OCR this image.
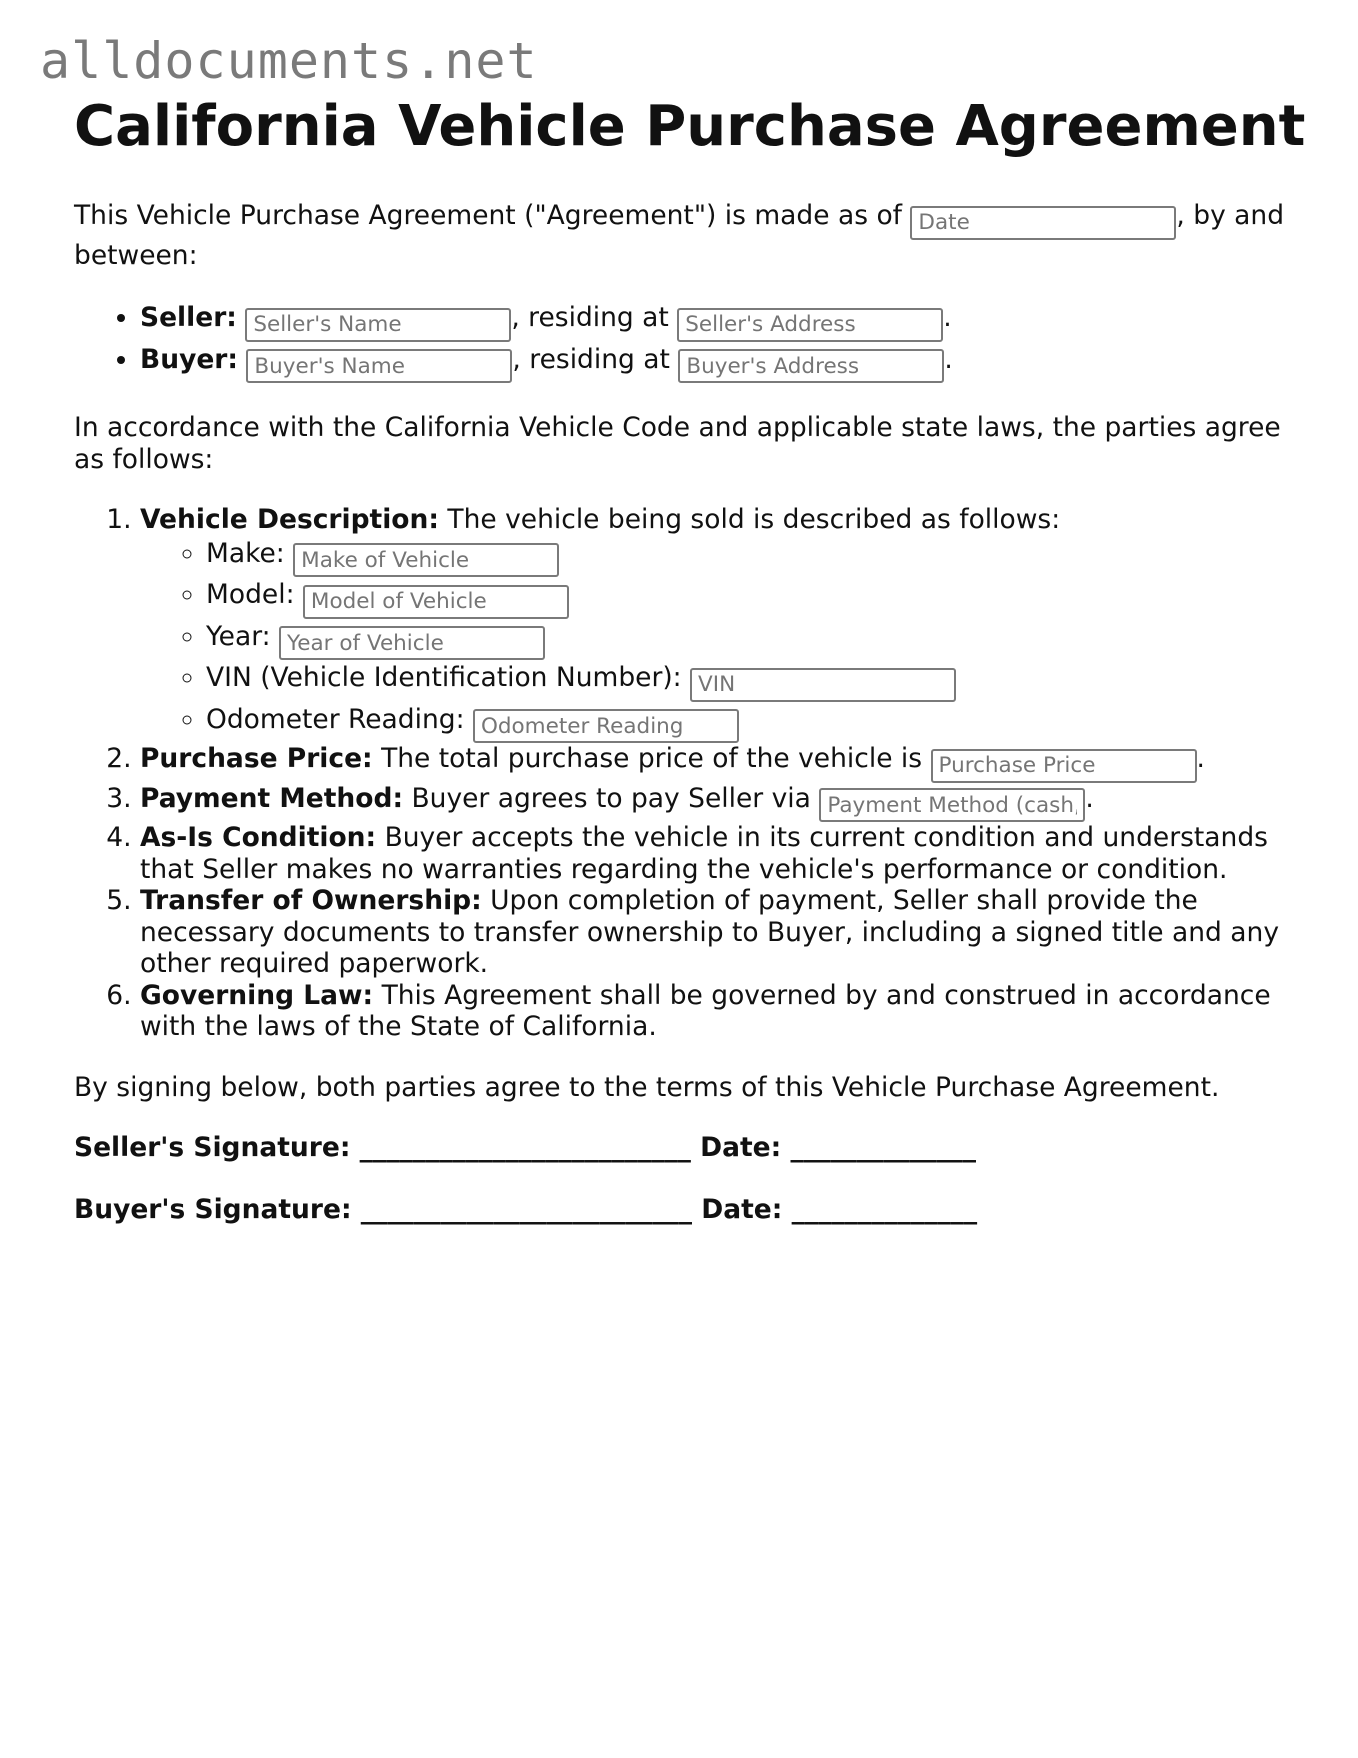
alldocuments.net
California Vehicle Purchase Agreement

This Vehicle Purchase Agreement ("Agreement") is made as of Date	, by and between:

• Seller: Seller's Name	, residing at Seller's Address	.
• Buyer: Buyer's Name	, residing at Buyer's Address	.

In accordance with the California Vehicle Code and applicable state laws, the parties agree as follows:

1. Vehicle Description: The vehicle being sold is described as follows:
◦ Make: Make of Vehicle
◦ Model: Model of Vehicle
◦ Year: Year of Vehicle
◦ VIN (Vehicle Identification Number): VIN
◦ Odometer Reading: Odometer Reading
2. Purchase Price: The total purchase price of the vehicle is Purchase Price	.
3. Payment Method: Buyer agrees to pay Seller via Payment Method (cash, check, etc.)	.
4. As-Is Condition: Buyer accepts the vehicle in its current condition and understands that Seller makes no warranties regarding the vehicle's performance or condition.
5. Transfer of Ownership: Upon completion of payment, Seller shall provide the necessary documents to transfer ownership to Buyer, including a signed title and any other required paperwork.
6. Governing Law: This Agreement shall be governed by and construed in accordance with the laws of the State of California.

By signing below, both parties agree to the terms of this Vehicle Purchase Agreement.

Seller's Signature: _________________________ Date: ______________

Buyer's Signature: _________________________ Date: ______________
